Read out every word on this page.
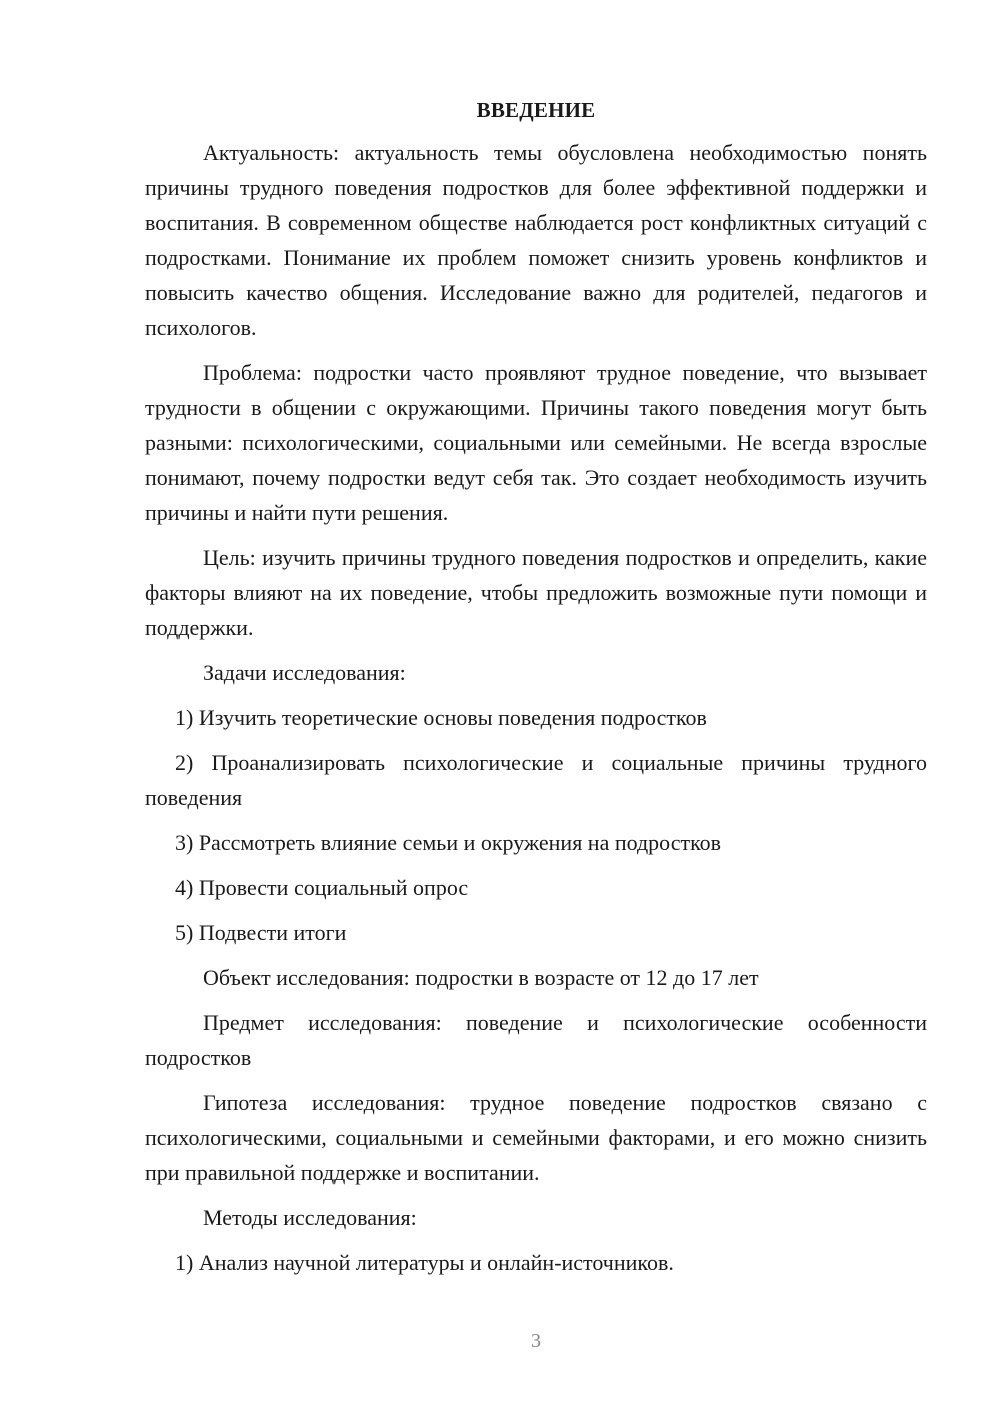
ВВЕДЕНИЕ

Актуальность: актуальность темы обусловлена необходимостью понять причины трудного поведения подростков для более эффективной поддержки и воспитания. В современном обществе наблюдается рост конфликтных ситуаций с подростками. Понимание их проблем поможет снизить уровень конфликтов и повысить качество общения. Исследование важно для родителей, педагогов и психологов.

Проблема: подростки часто проявляют трудное поведение, что вызывает трудности в общении с окружающими. Причины такого поведения могут быть разными: психологическими, социальными или семейными. Не всегда взрослые понимают, почему подростки ведут себя так. Это создает необходимость изучить причины и найти пути решения.

Цель: изучить причины трудного поведения подростков и определить, какие факторы влияют на их поведение, чтобы предложить возможные пути помощи и поддержки.

Задачи исследования:

1) Изучить теоретические основы поведения подростков

2) Проанализировать психологические и социальные причины трудного поведения

3) Рассмотреть влияние семьи и окружения на подростков

4) Провести социальный опрос

5) Подвести итоги

Объект исследования: подростки в возрасте от 12 до 17 лет

Предмет исследования: поведение и психологические особенности подростков

Гипотеза исследования: трудное поведение подростков связано с психологическими, социальными и семейными факторами, и его можно снизить при правильной поддержке и воспитании.

Методы исследования:

1) Анализ научной литературы и онлайн-источников.

3
